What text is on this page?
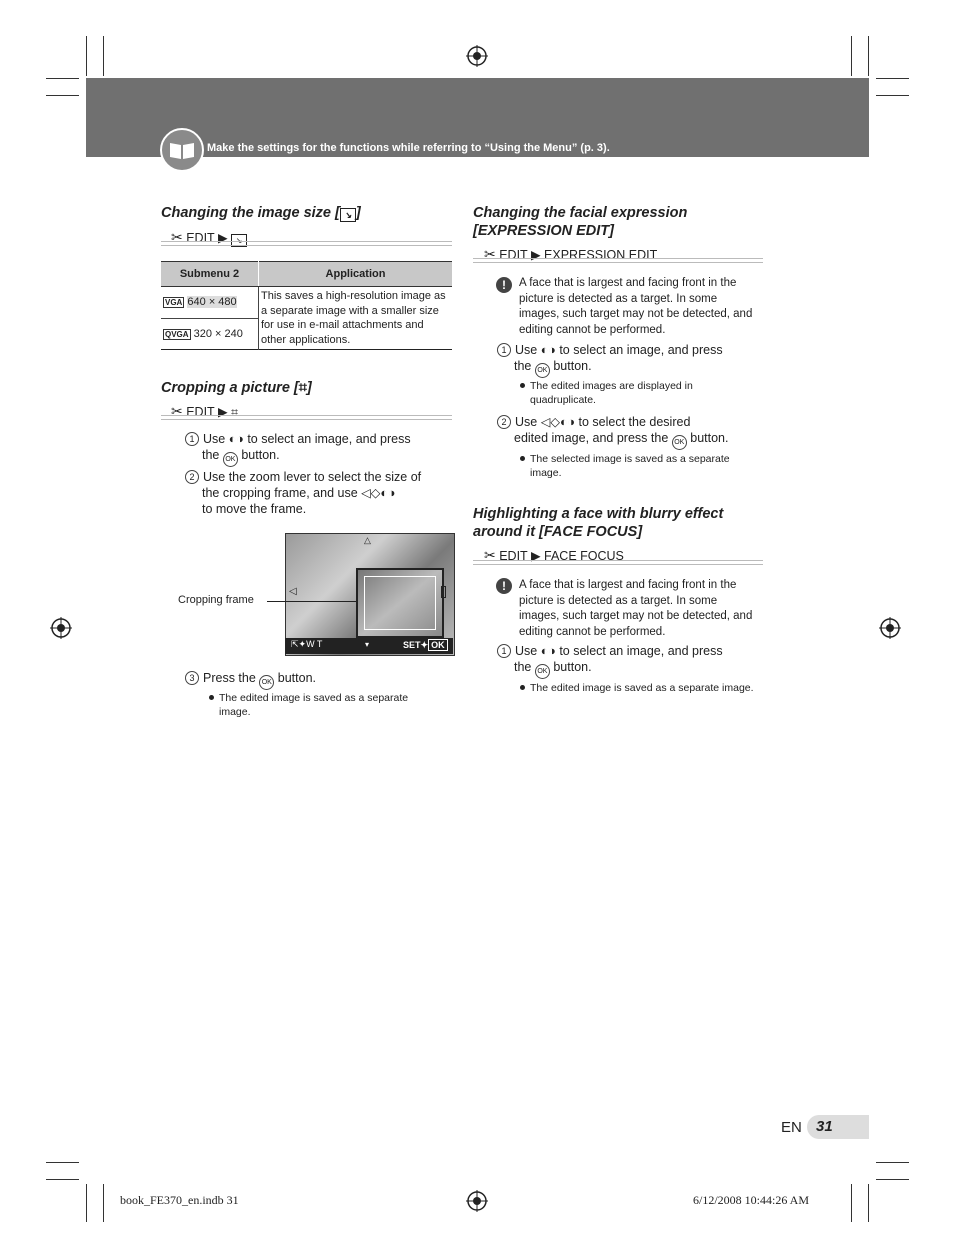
Make the settings for the functions while referring to “Using the Menu” (p. 3).
Changing the image size [ ↘ ]
✂ EDIT ▶ ↘
Submenu 2	Application
VGA 640 × 480	This saves a high-resolution image as a separate image with a smaller size for use in e-mail attachments and other applications.
QVGA 320 × 240	
Cropping a picture [⌗]
✂ EDIT ▶ ⌗
1 Use ◐◑ to select an image, and press
the OK button.
2 Use the zoom lever to select the size of
the cropping frame, and use ◁◇◐◑
to move the frame.
△
◁
⇱✦W T	▾	SET✦ OK
Cropping frame
3 Press the OK button.
The edited image is saved as a separate image.
Changing the facial expression [EXPRESSION EDIT]
✂ EDIT ▶ EXPRESSION EDIT
!	A face that is largest and facing front in the picture is detected as a target. In some images, such target may not be detected, and editing cannot be performed.
1 Use ◐◑ to select an image, and press
the OK button.
The edited images are displayed in quadruplicate.
2 Use ◁◇◐◑ to select the desired
edited image, and press the OK button.
The selected image is saved as a separate image.
Highlighting a face with blurry effect around it [FACE FOCUS]
✂ EDIT ▶ FACE FOCUS
!	A face that is largest and facing front in the picture is detected as a target. In some images, such target may not be detected, and editing cannot be performed.
1 Use ◐◑ to select an image, and press
the OK button.
The edited image is saved as a separate image.
EN 31
book_FE370_en.indb 31	6/12/2008 10:44:26 AM
